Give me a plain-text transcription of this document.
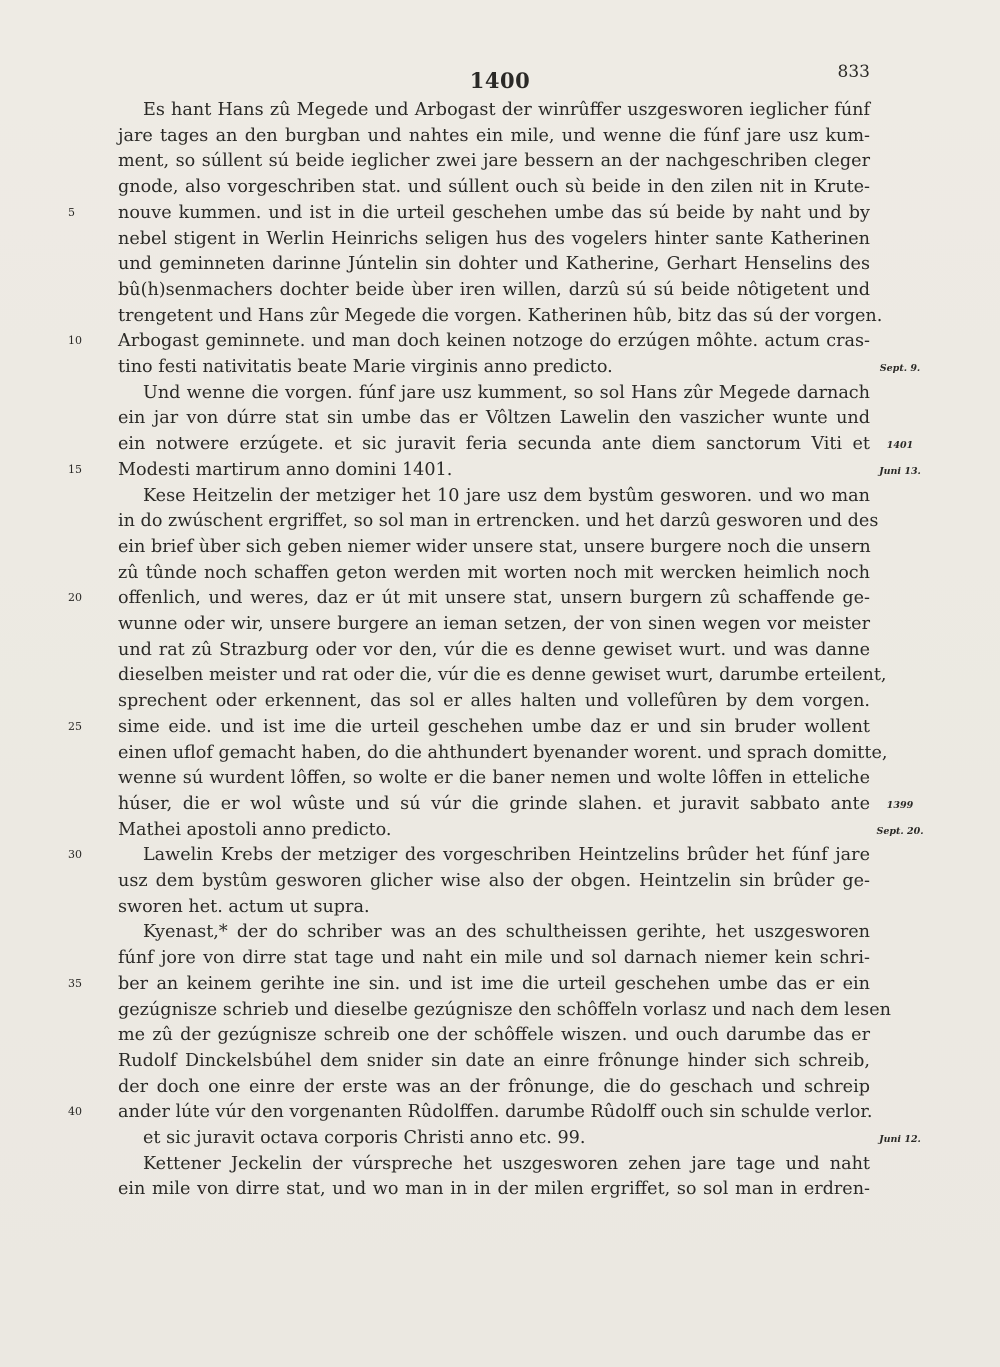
1400	833
Es hant Hans zû Megede und Arbogast der winrûffer uszgesworen ieglicher fúnf
jare tages an den burgban und nahtes ein mile, und wenne die fúnf jare usz kum-
ment, so súllent sú beide ieglicher zwei jare bessern an der nachgeschriben cleger
gnode, also vorgeschriben stat. und súllent ouch sù beide in den zilen nit in Krute-
nouve kummen. und ist in die urteil geschehen umbe das sú beide by naht und by
nebel stigent in Werlin Heinrichs seligen hus des vogelers hinter sante Katherinen
und geminneten darinne Júntelin sin dohter und Katherine, Gerhart Henselins des
bû(h)senmachers dochter beide ùber iren willen, darzû sú sú beide nôtigetent und
trengetent und Hans zûr Megede die vorgen. Katherinen hûb, bitz das sú der vorgen.
Arbogast geminnete. und man doch keinen notzoge do erzúgen môhte. actum cras-
tino festi nativitatis beate Marie virginis anno predicto.
Und wenne die vorgen. fúnf jare usz kumment, so sol Hans zûr Megede darnach
ein jar von dúrre stat sin umbe das er Vôltzen Lawelin den vaszicher wunte und
ein notwere erzúgete. et sic juravit feria secunda ante diem sanctorum Viti et
Modesti martirum anno domini 1401.
Kese Heitzelin der metziger het 10 jare usz dem bystûm gesworen. und wo man
in do zwúschent ergriffet, so sol man in ertrencken. und het darzû gesworen und des
ein brief ùber sich geben niemer wider unsere stat, unsere burgere noch die unsern
zû tûnde noch schaffen geton werden mit worten noch mit wercken heimlich noch
offenlich, und weres, daz er út mit unsere stat, unsern burgern zû schaffende ge-
wunne oder wir, unsere burgere an ieman setzen, der von sinen wegen vor meister
und rat zû Strazburg oder vor den, vúr die es denne gewiset wurt. und was danne
dieselben meister und rat oder die, vúr die es denne gewiset wurt, darumbe erteilent,
sprechent oder erkennent, das sol er alles halten und vollefûren by dem vorgen.
sime eide. und ist ime die urteil geschehen umbe daz er und sin bruder wollent
einen uflof gemacht haben, do die ahthundert byenander worent. und sprach domitte,
wenne sú wurdent lôffen, so wolte er die baner nemen und wolte lôffen in etteliche
húser, die er wol wûste und sú vúr die grinde slahen. et juravit sabbato ante
Mathei apostoli anno predicto.
Lawelin Krebs der metziger des vorgeschriben Heintzelins brûder het fúnf jare
usz dem bystûm gesworen glicher wise also der obgen. Heintzelin sin brûder ge-
sworen het. actum ut supra.
Kyenast,* der do schriber was an des schultheissen gerihte, het uszgesworen
fúnf jore von dirre stat tage und naht ein mile und sol darnach niemer kein schri-
ber an keinem gerihte ine sin. und ist ime die urteil geschehen umbe das er ein
gezúgnisze schrieb und dieselbe gezúgnisze den schôffeln vorlasz und nach dem lesen
me zû der gezúgnisze schreib one der schôffele wiszen. und ouch darumbe das er
Rudolf Dinckelsbúhel dem snider sin date an einre frônunge hinder sich schreib,
der doch one einre der erste was an der frônunge, die do geschach und schreip
ander lúte vúr den vorgenanten Rûdolffen. darumbe Rûdolff ouch sin schulde verlor.
et sic juravit octava corporis Christi anno etc. 99.
Kettener Jeckelin der vúrspreche het uszgesworen zehen jare tage und naht
ein mile von dirre stat, und wo man in in der milen ergriffet, so sol man in erdren-
5
10
15
20
25
30
35
40
Sept. 9.
1401
Juni 13.
1399
Sept. 20.
Juni 12.
